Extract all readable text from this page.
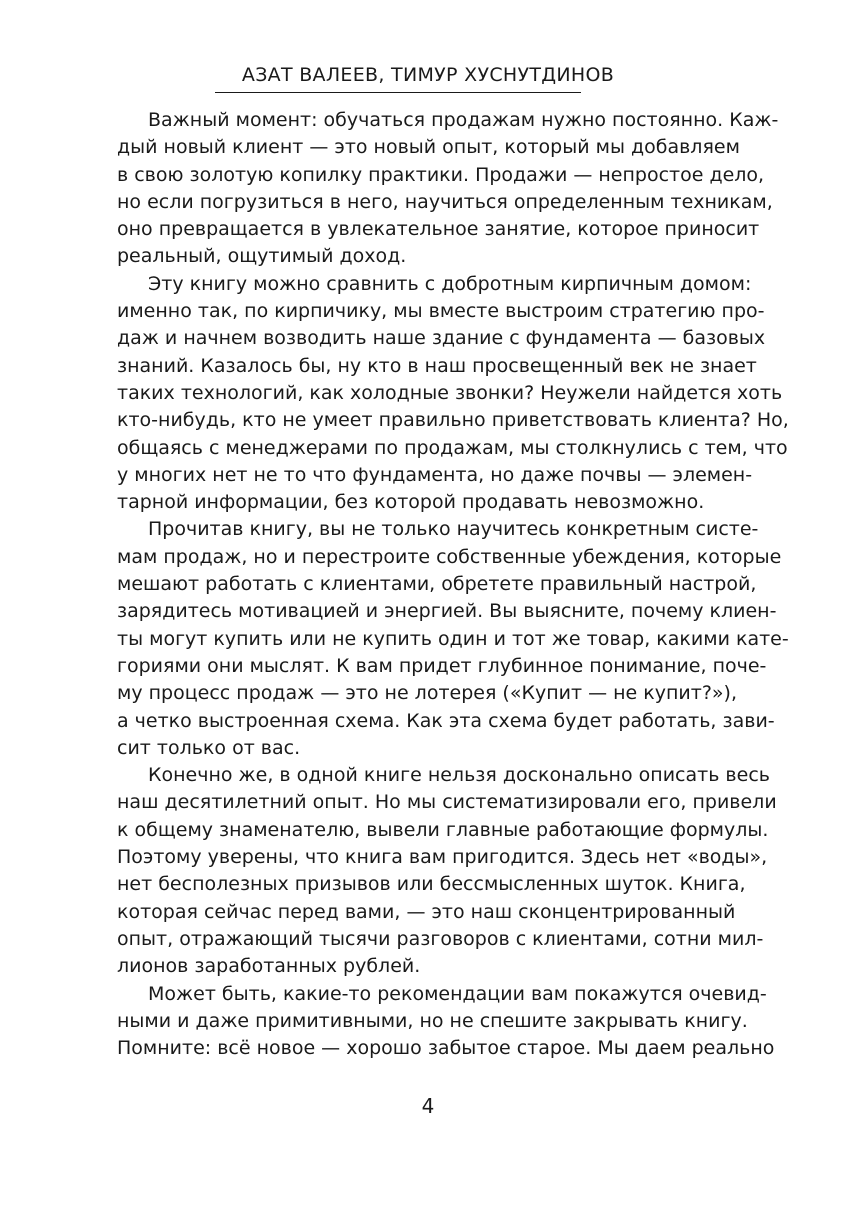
АЗАТ ВАЛЕЕВ, ТИМУР ХУСНУТДИНОВ
Важный момент: обучаться продажам нужно постоянно. Каж-
дый новый клиент — это новый опыт, который мы добавляем
в свою золотую копилку практики. Продажи — непростое дело,
но если погрузиться в него, научиться определенным техникам,
оно превращается в увлекательное занятие, которое приносит
реальный, ощутимый доход.
Эту книгу можно сравнить с добротным кирпичным домом:
именно так, по кирпичику, мы вместе выстроим стратегию про-
даж и начнем возводить наше здание с фундамента — базовых
знаний. Казалось бы, ну кто в наш просвещенный век не знает
таких технологий, как холодные звонки? Неужели найдется хоть
кто-нибудь, кто не умеет правильно приветствовать клиента? Но,
общаясь с менеджерами по продажам, мы столкнулись с тем, что
у многих нет не то что фундамента, но даже почвы — элемен-
тарной информации, без которой продавать невозможно.
Прочитав книгу, вы не только научитесь конкретным систе-
мам продаж, но и перестроите собственные убеждения, которые
мешают работать с клиентами, обретете правильный настрой,
зарядитесь мотивацией и энергией. Вы выясните, почему клиен-
ты могут купить или не купить один и тот же товар, какими кате-
гориями они мыслят. К вам придет глубинное понимание, поче-
му процесс продаж — это не лотерея («Купит — не купит?»),
а четко выстроенная схема. Как эта схема будет работать, зави-
сит только от вас.
Конечно же, в одной книге нельзя досконально описать весь
наш десятилетний опыт. Но мы систематизировали его, привели
к общему знаменателю, вывели главные работающие формулы.
Поэтому уверены, что книга вам пригодится. Здесь нет «воды»,
нет бесполезных призывов или бессмысленных шуток. Книга,
которая сейчас перед вами, — это наш сконцентрированный
опыт, отражающий тысячи разговоров с клиентами, сотни мил-
лионов заработанных рублей.
Может быть, какие-то рекомендации вам покажутся очевид-
ными и даже примитивными, но не спешите закрывать книгу.
Помните: всё новое — хорошо забытое старое. Мы даем реально
4
